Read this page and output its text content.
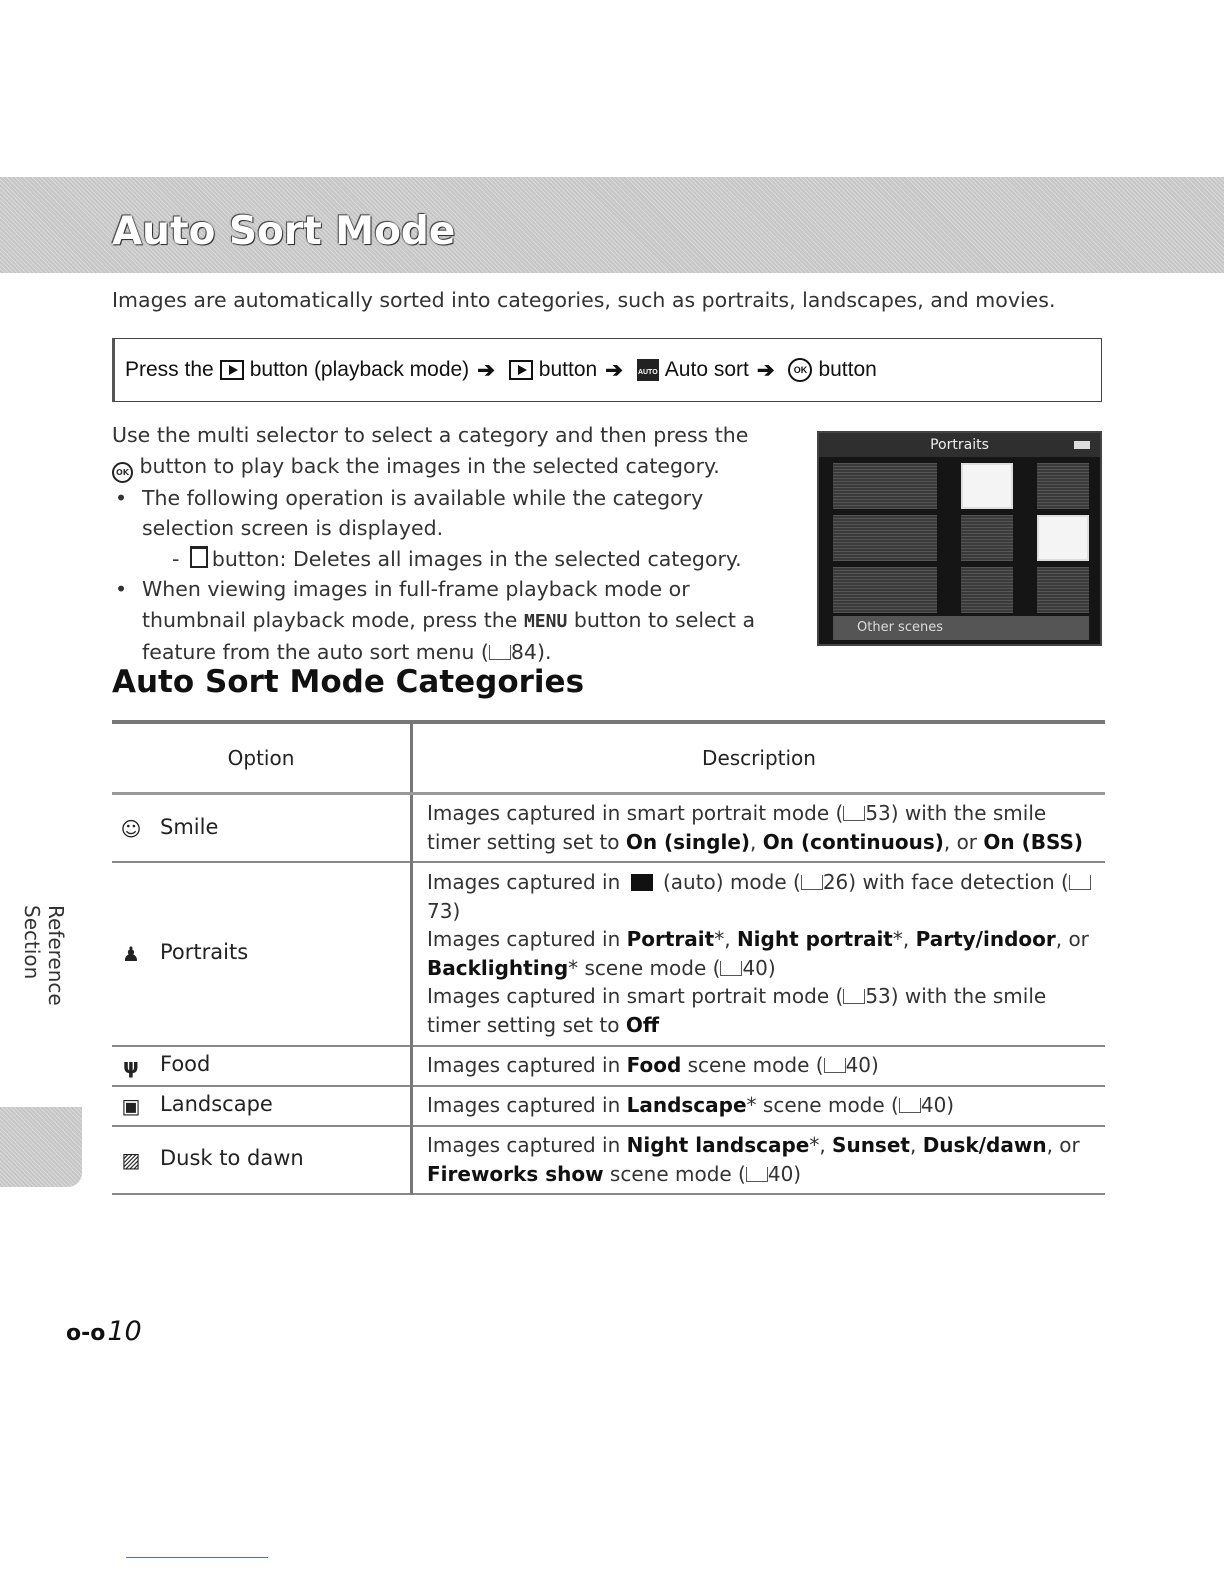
Auto Sort Mode
Images are automatically sorted into categories, such as portraits, landscapes, and movies.
Press the button (playback mode) ➔ button ➔ AUTO Auto sort ➔	OK button

Use the multi selector to select a category and then press the
OK button to play back the images in the selected category.

• The following operation is available while the category selection screen is displayed.
- button: Deletes all images in the selected category.
• When viewing images in full-frame playback mode or thumbnail playback mode, press the MENU button to select a feature from the auto sort menu ( 84).
Portraits
Other scenes
Auto Sort Mode Categories
Option	Description
☺ Smile	Images captured in smart portrait mode ( 53) with the smile timer setting set to On (single), On (continuous), or On (BSS)
♟ Portraits	Images captured in  (auto) mode ( 26) with face detection (73)
Images captured in Portrait*, Night portrait*, Party/indoor, or Backlighting* scene mode ( 40)
Images captured in smart portrait mode ( 53) with the smile timer setting set to Off
ψ Food	Images captured in Food scene mode ( 40)
▣ Landscape	Images captured in Landscape* scene mode ( 40)
▨ Dusk to dawn	Images captured in Night landscape*, Sunset, Dusk/dawn, or Fireworks show scene mode ( 40)
Reference Section
o-o10
